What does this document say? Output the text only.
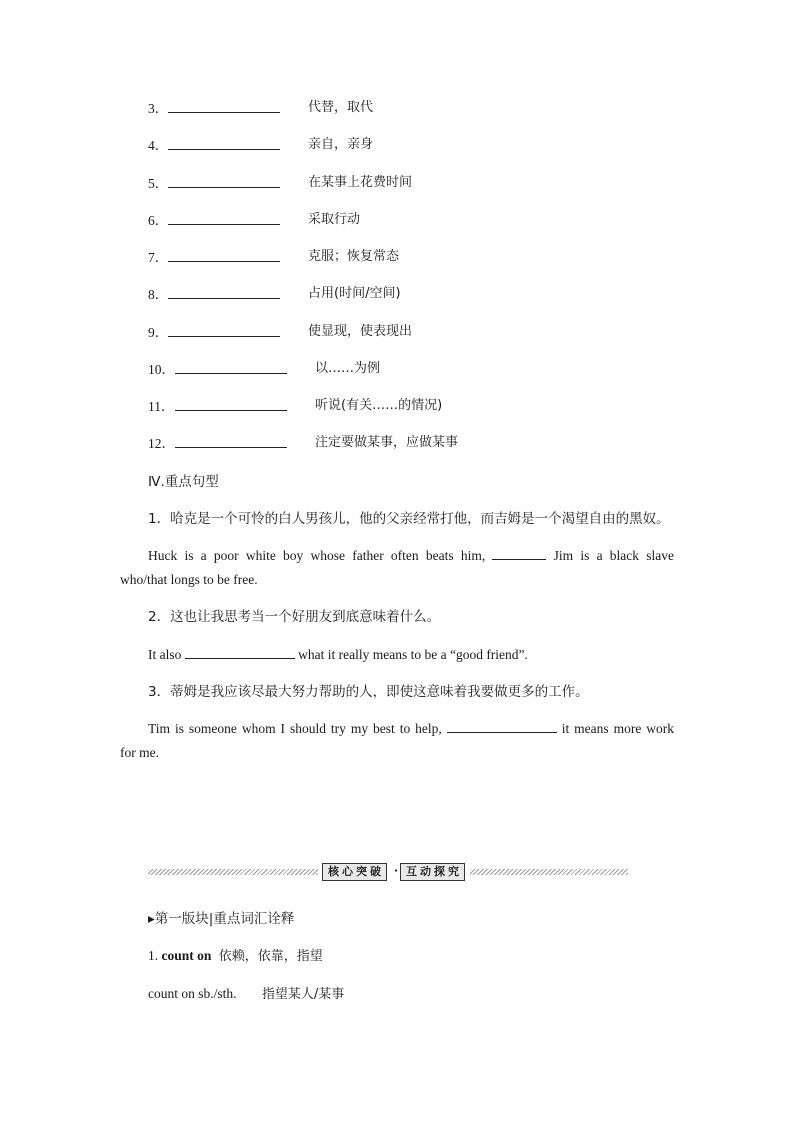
3．	代替，取代
4．	亲自，亲身
5．	在某事上花费时间
6．	采取行动
7．	克服；恢复常态
8．	占用(时间/空间)
9．	使显现，使表现出
10．	以……为例
11．	听说(有关……的情况)
12．	注定要做某事，应做某事
Ⅳ.重点句型
1．哈克是一个可怜的白人男孩儿，他的父亲经常打他，而吉姆是一个渴望自由的黑奴。
Huck is a poor white boy whose father often beats him,	Jim is a black slave
who/that longs to be free.
2．这也让我思考当一个好朋友到底意味着什么。
It also	what it really means to be a “good friend”.
3．蒂姆是我应该尽最大努力帮助的人，即使这意味着我要做更多的工作。
Tim is someone whom I should try my best to help,	it means more work
for me.
核心突破 · 互动探究
▸第一版块|重点词汇诠释
1. count on 依赖，依靠，指望
count on sb./sth. 指望某人/某事
